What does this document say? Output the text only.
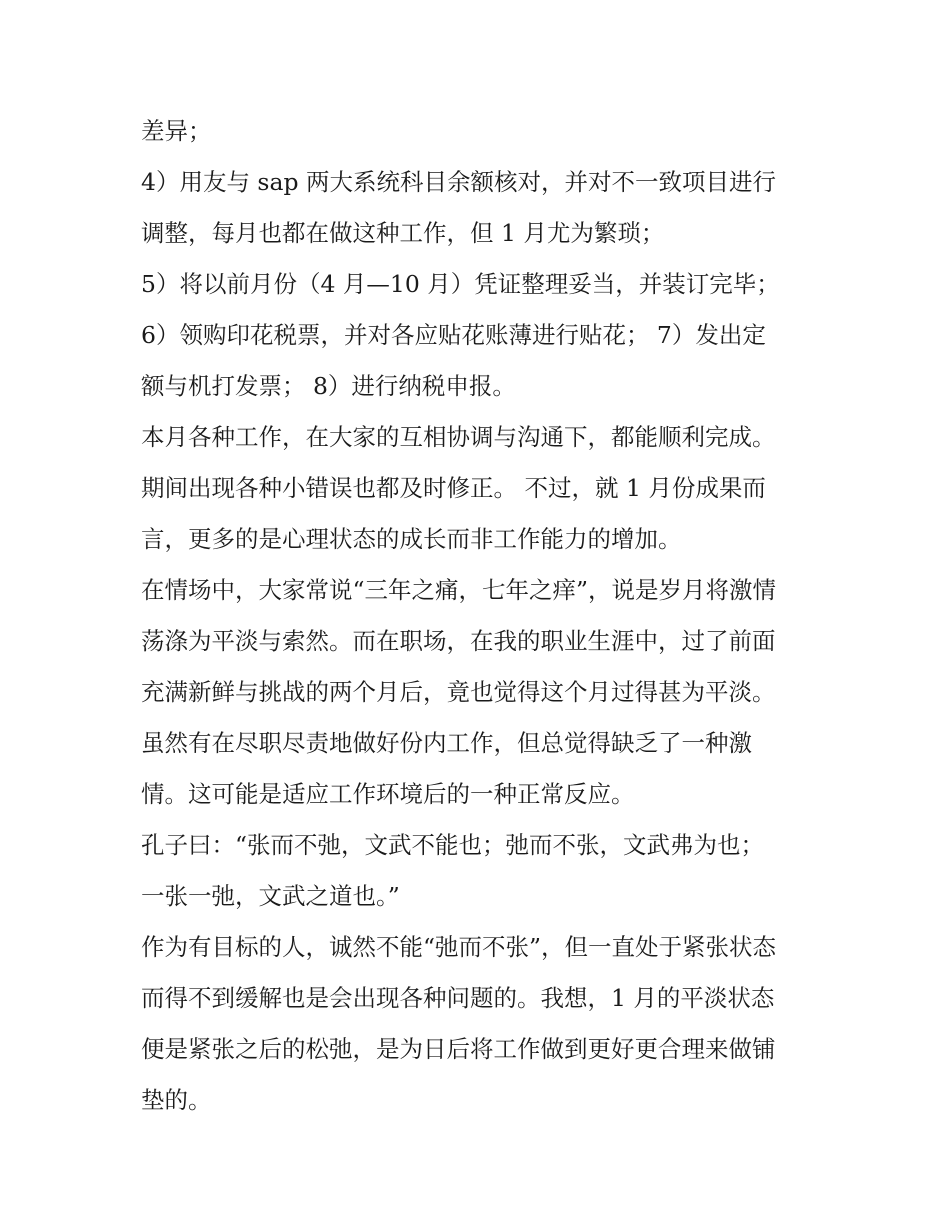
差异；
4）用友与 sap 两大系统科目余额核对，并对不一致项目进行
调整，每月也都在做这种工作，但 1 月尤为繁琐；
5）将以前月份（4 月—10 月）凭证整理妥当，并装订完毕；
6）领购印花税票，并对各应贴花账薄进行贴花； 7）发出定
额与机打发票； 8）进行纳税申报。
本月各种工作，在大家的互相协调与沟通下，都能顺利完成。
期间出现各种小错误也都及时修正。 不过，就 1 月份成果而
言，更多的是心理状态的成长而非工作能力的增加。
在情场中，大家常说“三年之痛，七年之痒”，说是岁月将激情
荡涤为平淡与索然。而在职场，在我的职业生涯中，过了前面
充满新鲜与挑战的两个月后，竟也觉得这个月过得甚为平淡。
虽然有在尽职尽责地做好份内工作，但总觉得缺乏了一种激
情。这可能是适应工作环境后的一种正常反应。
孔子曰：“张而不弛，文武不能也；弛而不张，文武弗为也；
一张一弛，文武之道也。”
作为有目标的人，诚然不能“弛而不张”，但一直处于紧张状态
而得不到缓解也是会出现各种问题的。我想，1 月的平淡状态
便是紧张之后的松弛，是为日后将工作做到更好更合理来做铺
垫的。
